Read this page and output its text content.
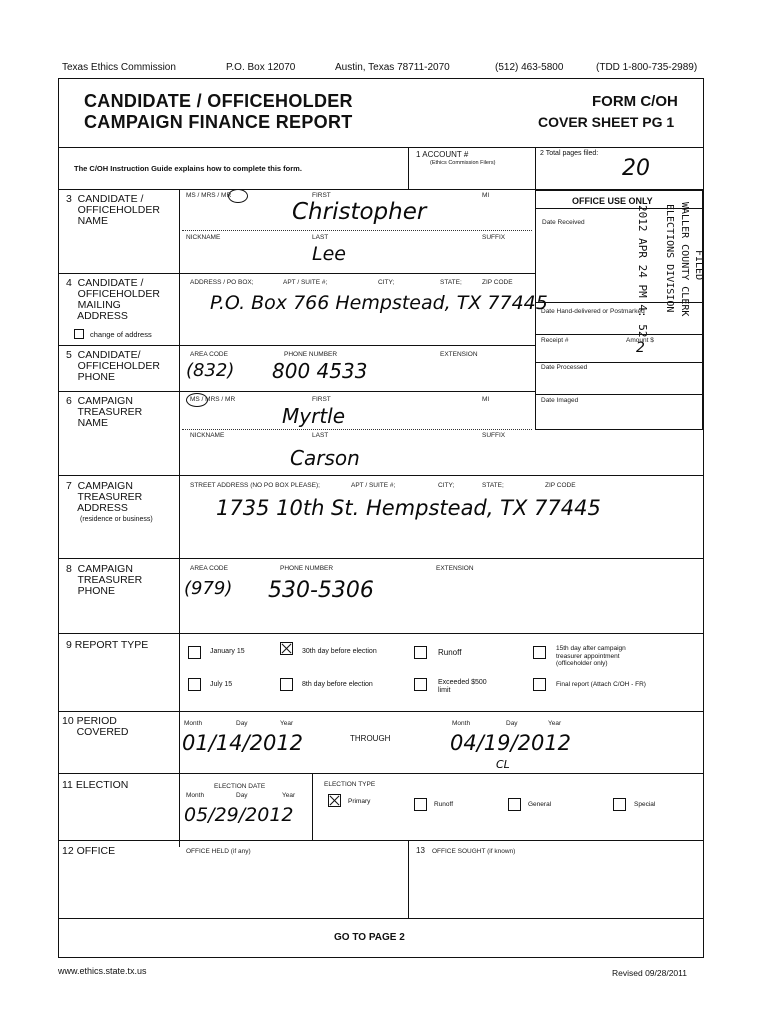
Texas Ethics Commission	P.O. Box 12070	Austin, Texas 78711-2070	(512) 463-5800	(TDD 1-800-735-2989)
CANDIDATE / OFFICEHOLDER
CAMPAIGN FINANCE REPORT
FORM C/OH
COVER SHEET PG 1
The C/OH Instruction Guide explains how to complete this form.
1 ACCOUNT #
(Ethics Commission Filers)
2 Total pages filed:
20
OFFICE USE ONLY
Date Received
Date Hand-delivered or Postmarked
Receipt #	Amount $
2
Date Processed
Date Imaged
2012 APR 24 PM 4: 52 ELECTIONS DIVISION WALLER COUNTY CLERK FILED
3  CANDIDATE /
OFFICEHOLDER
NAME
MS / MRS / MR	FIRST	MI
Christopher
NICKNAME	LAST	SUFFIX
Lee
4  CANDIDATE /
OFFICEHOLDER
MAILING
ADDRESS
change of address
ADDRESS / PO BOX;	APT / SUITE #;	CITY;	STATE;	ZIP CODE
P.O. Box 766 Hempstead, TX 77445
5  CANDIDATE/
OFFICEHOLDER
PHONE
AREA CODE	PHONE NUMBER	EXTENSION
(832) 800 4533
6  CAMPAIGN
TREASURER
NAME
MS / MRS / MR	FIRST	MI
Myrtle
NICKNAME	LAST	SUFFIX
Carson
7  CAMPAIGN
TREASURER
ADDRESS
(residence or business)
STREET ADDRESS (NO PO BOX PLEASE);	APT / SUITE #;	CITY;	STATE;	ZIP CODE
1735 10th St. Hempstead, TX 77445
8  CAMPAIGN
TREASURER
PHONE
AREA CODE	PHONE NUMBER	EXTENSION
(979) 530-5306
9 REPORT TYPE
January 15	30th day before election	Runoff	15th day after campaign
treasurer appointment
(officeholder only)
July 15	8th day before election	Exceeded $500
limit
Final report (Attach C/OH - FR)
10 PERIOD
COVERED
Month	Day	Year
01/14/2012	THROUGH
Month	Day	Year
04/19/2012
CL
11 ELECTION	ELECTION DATE
Month	Day	Year
05/29/2012
ELECTION TYPE
Primary	Runoff	General	Special
12 OFFICE	OFFICE HELD (if any)	13 OFFICE SOUGHT (if known)
GO TO PAGE 2
www.ethics.state.tx.us	Revised 09/28/2011
